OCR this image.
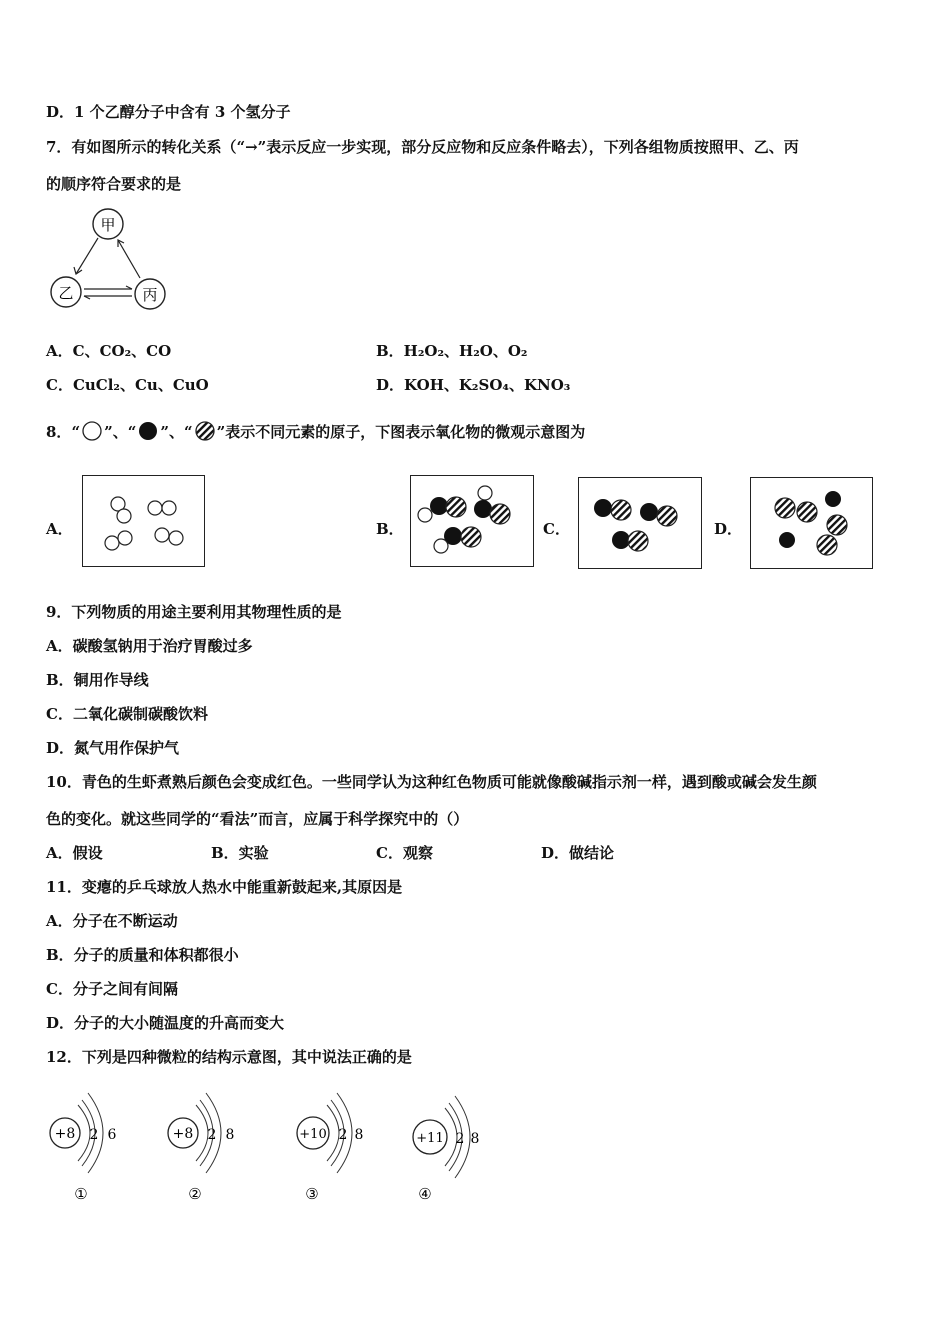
D．1 个乙醇分子中含有 3 个氢分子
7．有如图所示的转化关系（“→”表示反应一步实现，部分反应物和反应条件略去），下列各组物质按照甲、乙、丙
的顺序符合要求的是
甲
乙	丙
A．C、CO₂、CO	B．H₂O₂、H₂O、O₂
C．CuCl₂、Cu、CuO	D．KOH、K₂SO₄、KNO₃
8．“ ”、“ ”、“ ”表示不同元素的原子，下图表示氧化物的微观示意图为
A．	B．	C．	D．
9．下列物质的用途主要利用其物理性质的是
A．碳酸氢钠用于治疗胃酸过多
B．铜用作导线
C．二氧化碳制碳酸饮料
D．氮气用作保护气
10．青色的生虾煮熟后颜色会变成红色。一些同学认为这种红色物质可能就像酸碱指示剂一样，遇到酸或碱会发生颜
色的变化。就这些同学的“看法”而言，应属于科学探究中的（）
A．假设	B．实验	C．观察	D．做结论
11．变瘪的乒乓球放人热水中能重新鼓起来,其原因是
A．分子在不断运动
B．分子的质量和体积都很小
C．分子之间有间隔
D．分子的大小随温度的升高而变大
12．下列是四种微粒的结构示意图，其中说法正确的是
+8 2 6
①
+8 2 8
②
+10 2 8
③
+11 2 8
④
